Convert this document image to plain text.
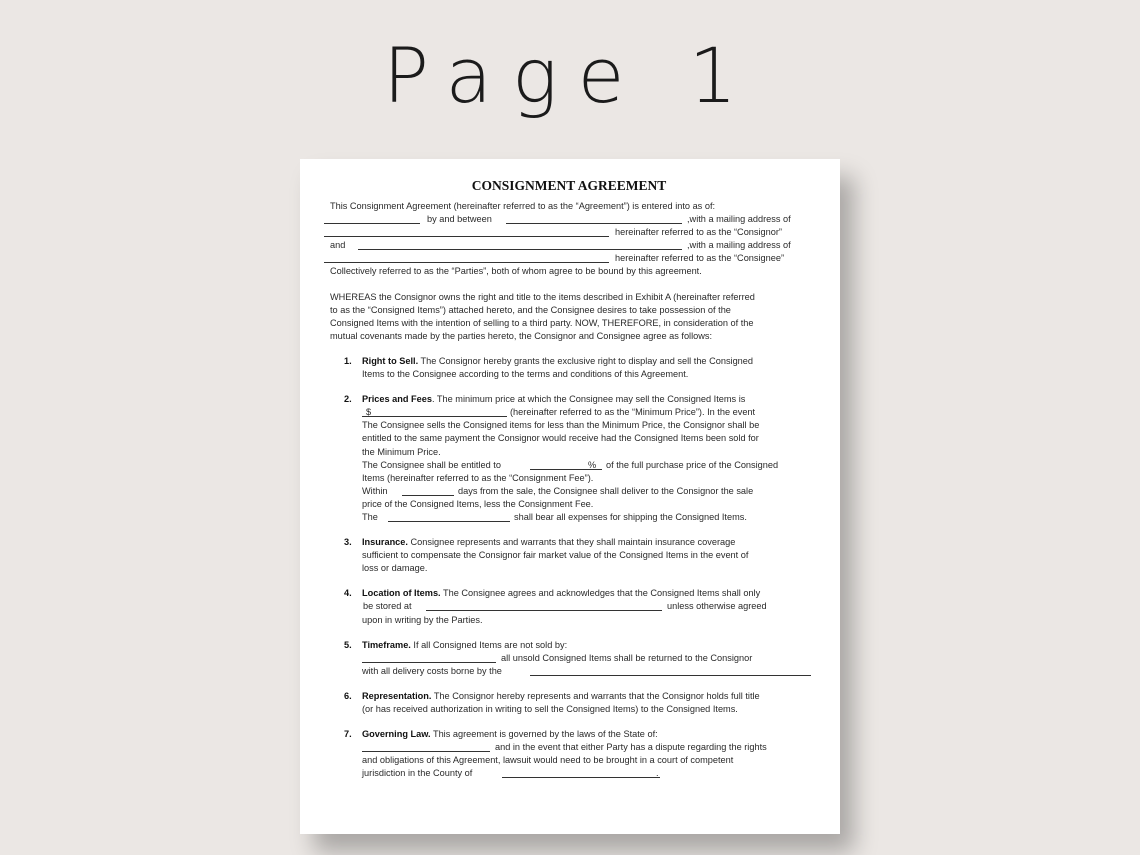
Page 1
CONSIGNMENT AGREEMENT
This Consignment Agreement (hereinafter referred to as the “Agreement”) is entered into as of:
by and between	,with a mailing address of
hereinafter referred to as the “Consignor”
and	,with a mailing address of
hereinafter referred to as the “Consignee”
Collectively referred to as the “Parties”, both of whom agree to be bound by this agreement.
WHEREAS the Consignor owns the right and title to the items described in Exhibit A (hereinafter referred
to as the “Consigned Items”) attached hereto, and the Consignee desires to take possession of the
Consigned Items with the intention of selling to a third party. NOW, THEREFORE, in consideration of the
mutual covenants made by the parties hereto, the Consignor and Consignee agree as follows:
1. Right to Sell. The Consignor hereby grants the exclusive right to display and sell the Consigned
Items to the Consignee according to the terms and conditions of this Agreement.
2. Prices and Fees. The minimum price at which the Consignee may sell the Consigned Items is
$	(hereinafter referred to as the “Minimum Price”). In the event
The Consignee sells the Consigned items for less than the Minimum Price, the Consignor shall be
entitled to the same payment the Consignor would receive had the Consigned Items been sold for
the Minimum Price.
The Consignee shall be entitled to	% of the full purchase price of the Consigned
Items (hereinafter referred to as the “Consignment Fee”).
Within	days from the sale, the Consignee shall deliver to the Consignor the sale
price of the Consigned Items, less the Consignment Fee.
The	shall bear all expenses for shipping the Consigned Items.
3. Insurance. Consignee represents and warrants that they shall maintain insurance coverage
sufficient to compensate the Consignor fair market value of the Consigned Items in the event of
loss or damage.
4. Location of Items. The Consignee agrees and acknowledges that the Consigned Items shall only
be stored at	unless otherwise agreed
upon in writing by the Parties.
5. Timeframe. If all Consigned Items are not sold by:
all unsold Consigned Items shall be returned to the Consignor
with all delivery costs borne by the
6. Representation. The Consignor hereby represents and warrants that the Consignor holds full title
(or has received authorization in writing to sell the Consigned Items) to the Consigned Items.
7. Governing Law. This agreement is governed by the laws of the State of:
and in the event that either Party has a dispute regarding the rights
and obligations of this Agreement, lawsuit would need to be brought in a court of competent
jurisdiction in the County of	.
